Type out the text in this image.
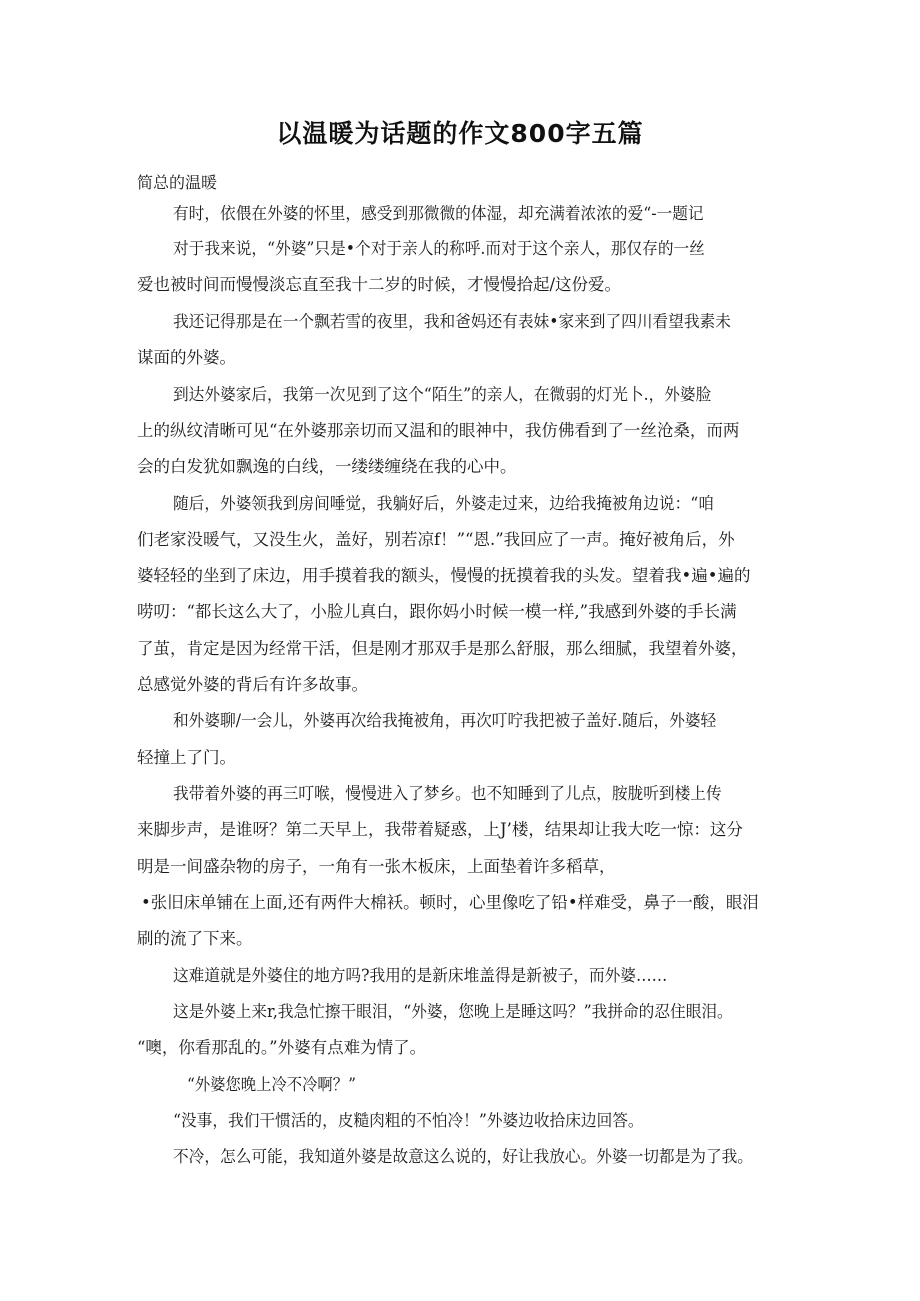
以温暖为话题的作文800字五篇
简总的温暖
有时，依偎在外婆的怀里，感受到那微微的体湿，却充满着浓浓的爱“-一题记
对于我来说，“外婆”只是•个对于亲人的称呼.而对于这个亲人，那仅存的一丝
爱也被时间而慢慢淡忘直至我十二岁的时候，才慢慢拾起/这份爱。
我还记得那是在一个飘若雪的夜里，我和爸妈还有表妹•家来到了四川看望我素未
谋面的外婆。
到达外婆家后，我第一次见到了这个“陌生”的亲人，在微弱的灯光卜.，外婆脸
上的纵纹清晰可见“在外婆那亲切而又温和的眼神中，我仿佛看到了一丝沧桑，而两
会的白发犹如飘逸的白线，一缕缕缠绕在我的心中。
随后，外婆领我到房间唾觉，我躺好后，外婆走过来，边给我掩被角边说：“咱
们老家没暖气，又没生火，盖好，别若凉f！”“恩.”我回应了一声。掩好被角后，外
婆轻轻的坐到了床边，用手摸着我的额头，慢慢的抚摸着我的头发。望着我•遍•遍的
唠叨：“都长这么大了，小脸儿真白，跟你妈小时候一模一样,”我感到外婆的手长满
了茧，肯定是因为经常干活，但是刚才那双手是那么舒服，那么细腻，我望着外婆，
总感觉外婆的背后有许多故事。
和外婆聊/一会儿，外婆再次给我掩被角，再次叮咛我把被子盖好.随后，外婆轻
轻撞上了门。
我带着外婆的再三叮喉，慢慢进入了梦乡。也不知睡到了儿点，胺胧听到楼上传
来脚步声，是谁呀？第二天早上，我带着疑惑，上J’楼，结果却让我大吃一惊：这分
明是一间盛杂物的房子，一角有一张木板床，上面垫着许多稻草，
•张旧床单铺在上面,还有两件大棉袄。顿时，心里像吃了铅•样难受，鼻子一酸，眼泪
刷的流了下来。
这难道就是外婆住的地方吗?我用的是新床堆盖得是新被子，而外婆……
这是外婆上来r,我急忙擦干眼泪，“外婆，您晚上是睡这吗？”我拼命的忍住眼泪。
“噢，你看那乱的。”外婆有点难为情了。
“外婆您晚上冷不冷啊？”
“没事，我们干惯活的，皮糙肉粗的不怕冷！”外婆边收拾床边回答。
不冷，怎么可能，我知道外婆是故意这么说的，好让我放心。外婆一切都是为了我。
